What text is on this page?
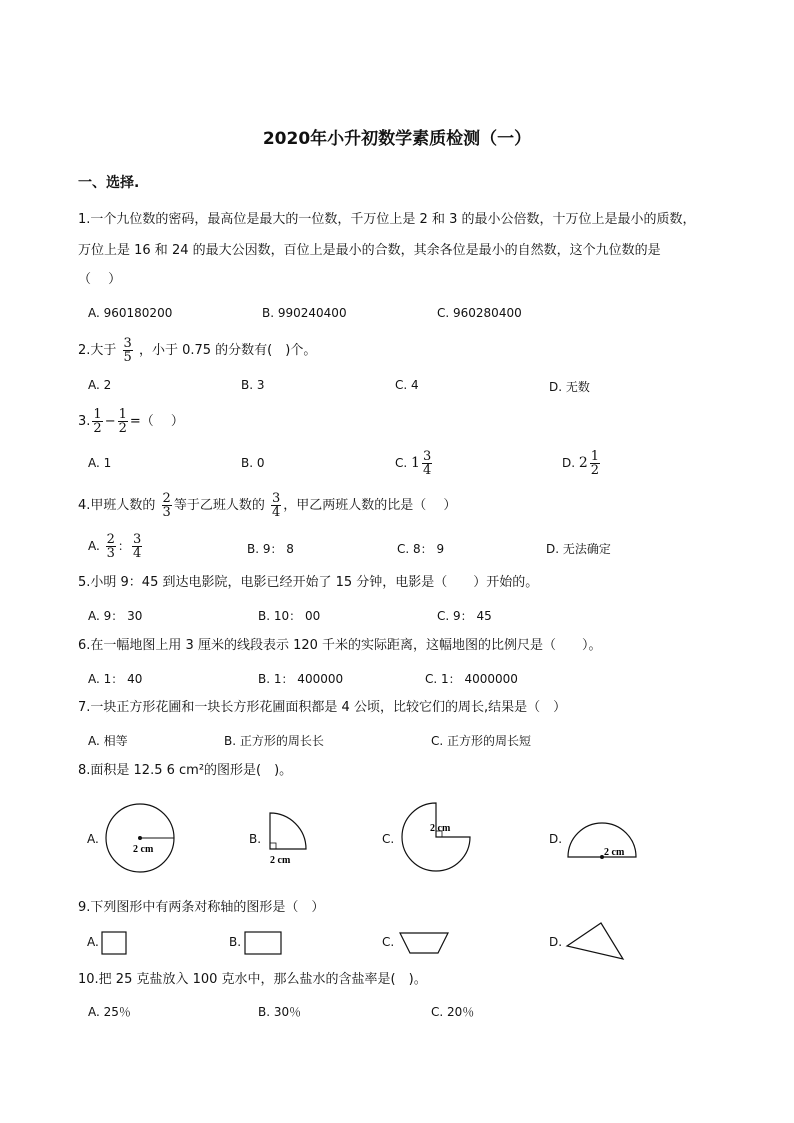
2020年小升初数学素质检测（一）
一、选择.
1.一个九位数的密码，最高位是最大的一位数，千万位上是 2 和 3 的最小公倍数，十万位上是最小的质数，
万位上是 16 和 24 的最大公因数，百位上是最小的合数，其余各位是最小的自然数，这个九位数的是
（　 ）
A. 960180200	B. 990240400	C. 960280400
2.大于 $\frac{3}{5}$ ，小于 0.75 的分数有(　)个。
A. 2	B. 3	C. 4	D. 无数
3. $\frac{1}{2} - \frac{1}{2}$ =（　 ）
A. 1	B. 0	C. $1 \frac{3}{4}$	D. $2 \frac{1}{2}$
4.甲班人数的 $\frac{2}{3}$ 等于乙班人数的 $\frac{3}{4}$ ，甲乙两班人数的比是（　 ）
A. $\frac{2}{3}$ ： $\frac{3}{4}$	B. 9： 8	C. 8： 9	D. 无法确定
5.小明 9：45 到达电影院，电影已经开始了 15 分钟，电影是（　　）开始的。
A. 9： 30	B. 10： 00	C. 9： 45
6.在一幅地图上用 3 厘米的线段表示 120 千米的实际距离，这幅地图的比例尺是（　　）。
A. 1： 40	B. 1： 400000	C. 1： 4000000
7.一块正方形花圃和一块长方形花圃面积都是 4 公顷，比较它们的周长,结果是（　）
A. 相等	B. 正方形的周长长	C. 正方形的周长短
8.面积是 12.5 6 cm²的图形是(　)。
A.	B.	C.	D.
2 cm
2 cm
2 cm
2 cm
9.下列图形中有两条对称轴的图形是（　）
A.	B.	C.	D.
10.把 25 克盐放入 100 克水中，那么盐水的含盐率是(　)。
A. 25％	B. 30％	C. 20％
